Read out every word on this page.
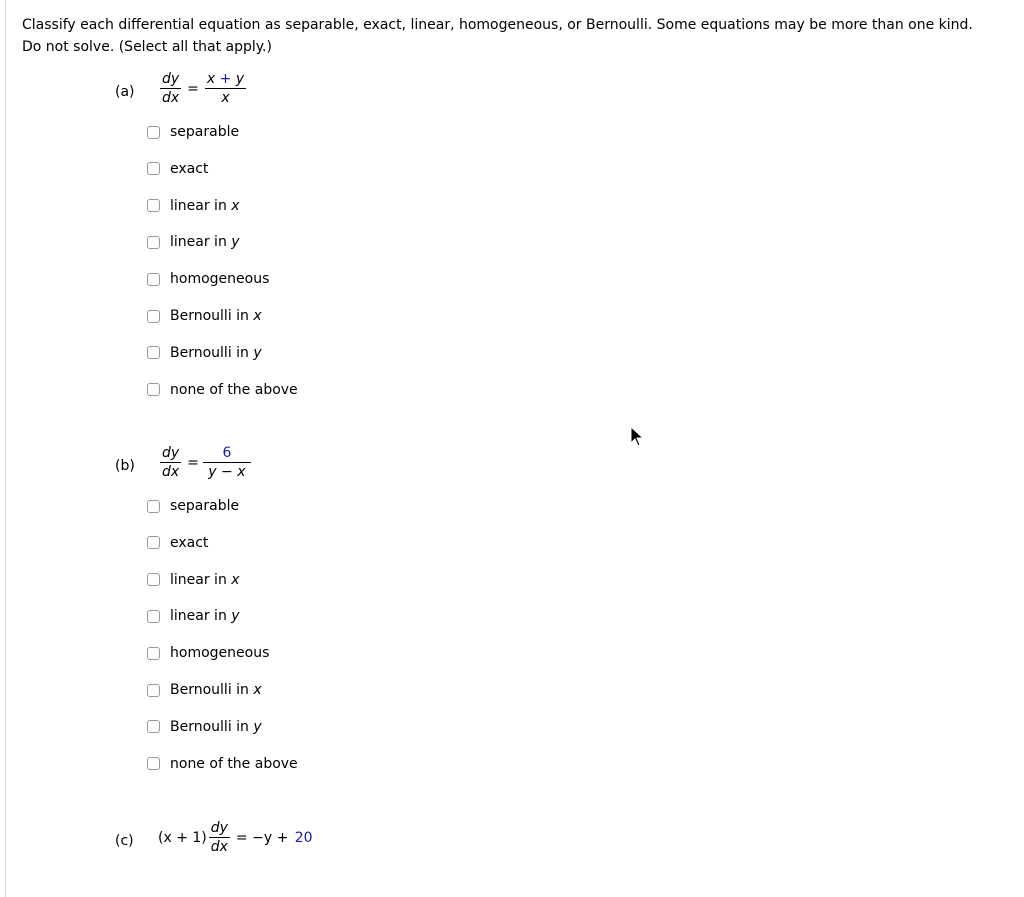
Classify each differential equation as separable, exact, linear, homogeneous, or Bernoulli. Some equations may be more than one kind. Do not solve. (Select all that apply.)
$(a) \frac{dy}{dx} = \frac{x + y}{x}$
separable
exact
linear in x
linear in y
homogeneous
Bernoulli in x
Bernoulli in y
none of the above
$(b) \frac{dy}{dx} = \frac{6}{y - x}$
separable
exact
linear in x
linear in y
homogeneous
Bernoulli in x
Bernoulli in y
none of the above
(c) $(x + 1) \frac{dy}{dx} = -y + 20$
